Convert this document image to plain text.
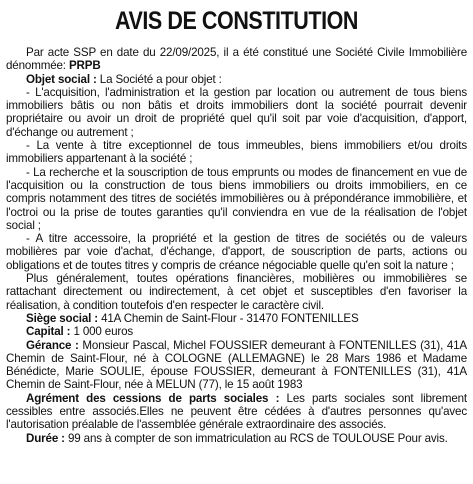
AVIS DE CONSTITUTION

Par acte SSP en date du 22/09/2025, il a été constitué une Société Civile Immobilière dénommée: PRPB

Objet social : La Société a pour objet :

- L'acquisition, l'administration et la gestion par location ou autrement de tous biens immobiliers bâtis ou non bâtis et droits immobiliers dont la société pourrait devenir propriétaire ou avoir un droit de propriété quel qu'il soit par voie d'acquisition, d'apport, d'échange ou autrement ;

- La vente à titre exceptionnel de tous immeubles, biens immobiliers et/ou droits immobiliers appartenant à la société ;

- La recherche et la souscription de tous emprunts ou modes de financement en vue de l'acquisition ou la construction de tous biens immobiliers ou droits immobiliers, en ce compris notamment des titres de sociétés immobilières ou à prépondérance immobilière, et l'octroi ou la prise de toutes garanties qu'il conviendra en vue de la réalisation de l'objet social ;

- A titre accessoire, la propriété et la gestion de titres de sociétés ou de valeurs mobilières par voie d'achat, d'échange, d'apport, de souscription de parts, actions ou obligations et de toutes titres y compris de créance négociable quelle qu'en soit la nature ;

Plus généralement, toutes opérations financières, mobilières ou immobilières se rattachant directement ou indirectement, à cet objet et susceptibles d'en favoriser la réalisation, à condition toutefois d'en respecter le caractère civil.

Siège social : 41A Chemin de Saint-Flour - 31470 FONTENILLES

Capital : 1 000 euros

Gérance : Monsieur Pascal, Michel FOUSSIER demeurant à FONTENILLES (31), 41A Chemin de Saint-Flour, né à COLOGNE (ALLEMAGNE) le 28 Mars 1986 et Madame Bénédicte, Marie SOULIE, épouse FOUSSIER, demeurant à FONTENILLES (31), 41A Chemin de Saint-Flour, née à MELUN (77), le 15 août 1983

Agrément des cessions de parts sociales : Les parts sociales sont librement cessibles entre associés.Elles ne peuvent être cédées à d'autres personnes qu'avec l'autorisation préalable de l'assemblée générale extraordinaire des associés.

Durée : 99 ans à compter de son immatriculation au RCS de TOULOUSE Pour avis.
